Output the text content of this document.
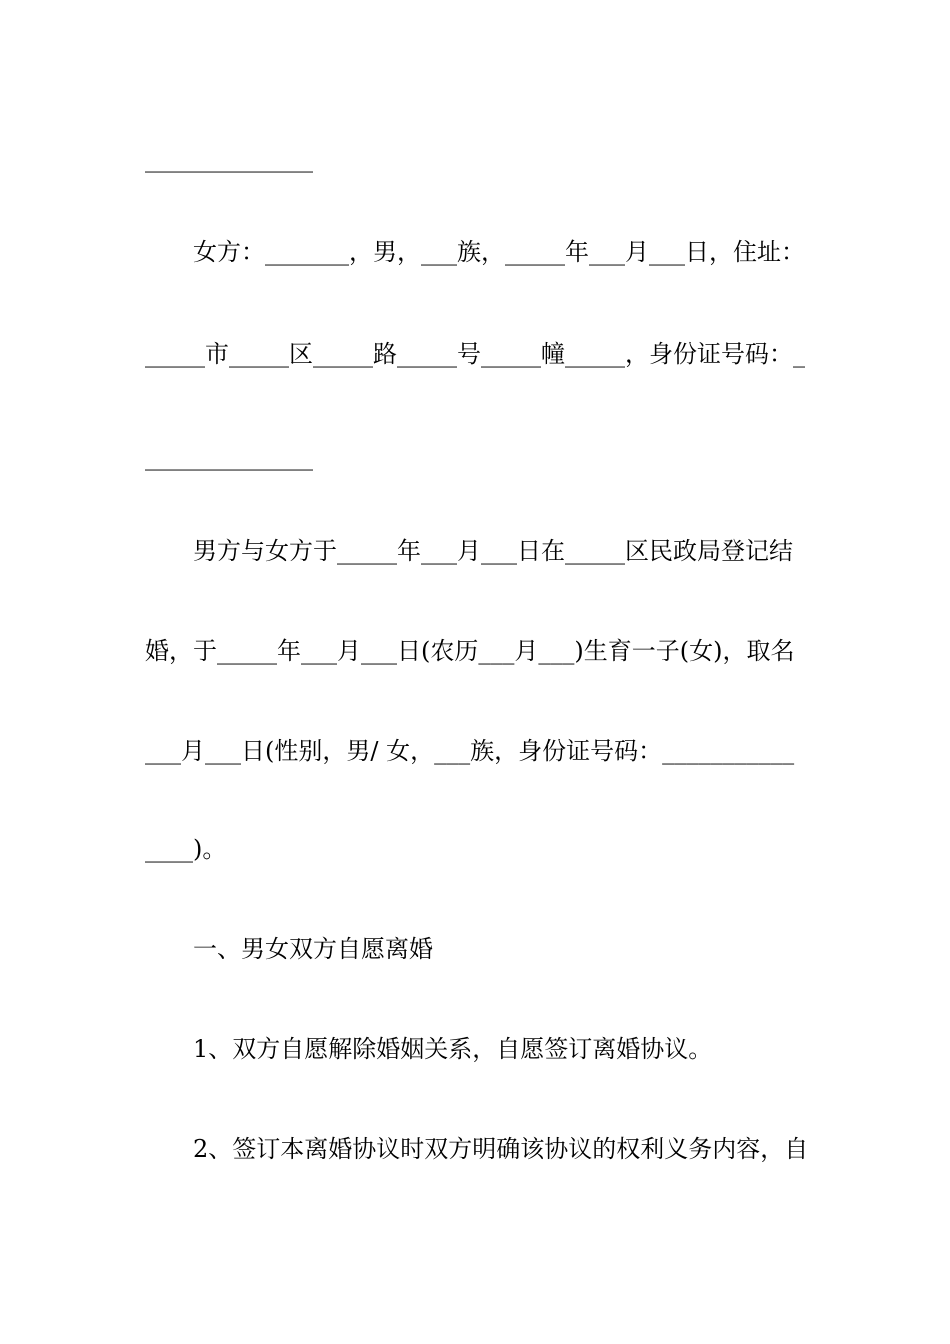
______________
女方：_______，男，___族，_____年___月___日，住址：
_____市_____区_____路_____号_____幢_____，身份证号码：_
______________
男方与女方于_____年___月___日在_____区民政局登记结
婚，于_____年___月___日(农历___月___)生育一子(女)，取名
___月___日(性别，男/ 女，___族，身份证号码：___________
____)。
一、男女双方自愿离婚
1、双方自愿解除婚姻关系，自愿签订离婚协议。
2、签订本离婚协议时双方明确该协议的权利义务内容，自
